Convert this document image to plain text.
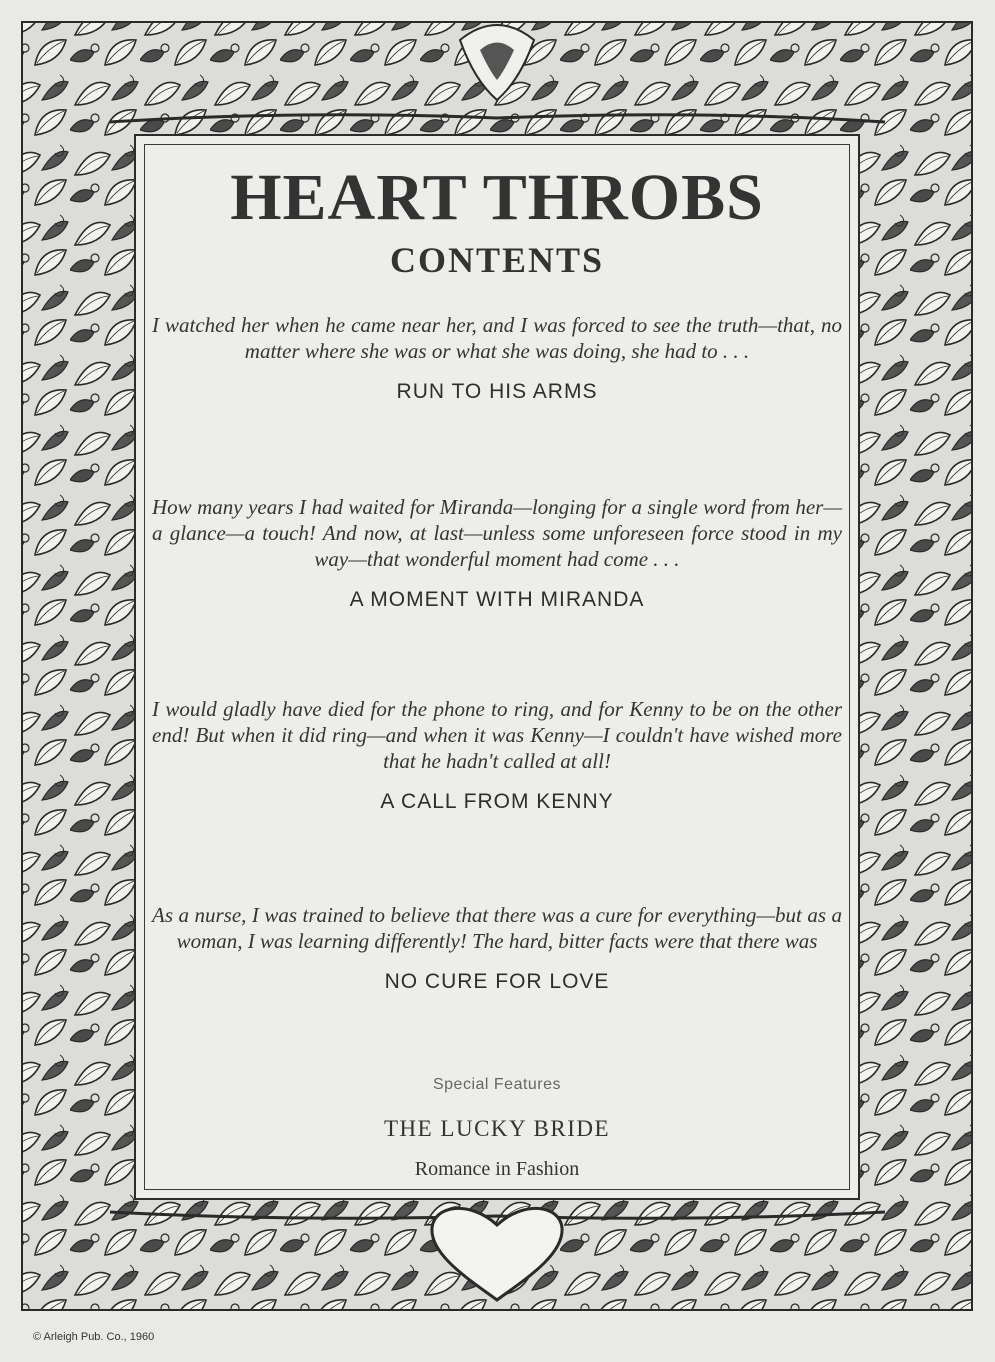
HEART THROBS
CONTENTS

I watched her when he came near her, and I was forced to see the truth—that, no matter where she was or what she was doing, she had to . . .

RUN TO HIS ARMS

How many years I had waited for Miranda—longing for a single word from her—a glance—a touch! And now, at last—unless some unforeseen force stood in my way—that wonderful moment had come . . .

A MOMENT WITH MIRANDA

I would gladly have died for the phone to ring, and for Kenny to be on the other end! But when it did ring—and when it was Kenny—I couldn't have wished more that he hadn't called at all!

A CALL FROM KENNY

As a nurse, I was trained to believe that there was a cure for everything—but as a woman, I was learning differently! The hard, bitter facts were that there was

NO CURE FOR LOVE
Special Features
THE LUCKY BRIDE
Romance in Fashion
© Arleigh Pub. Co., 1960
